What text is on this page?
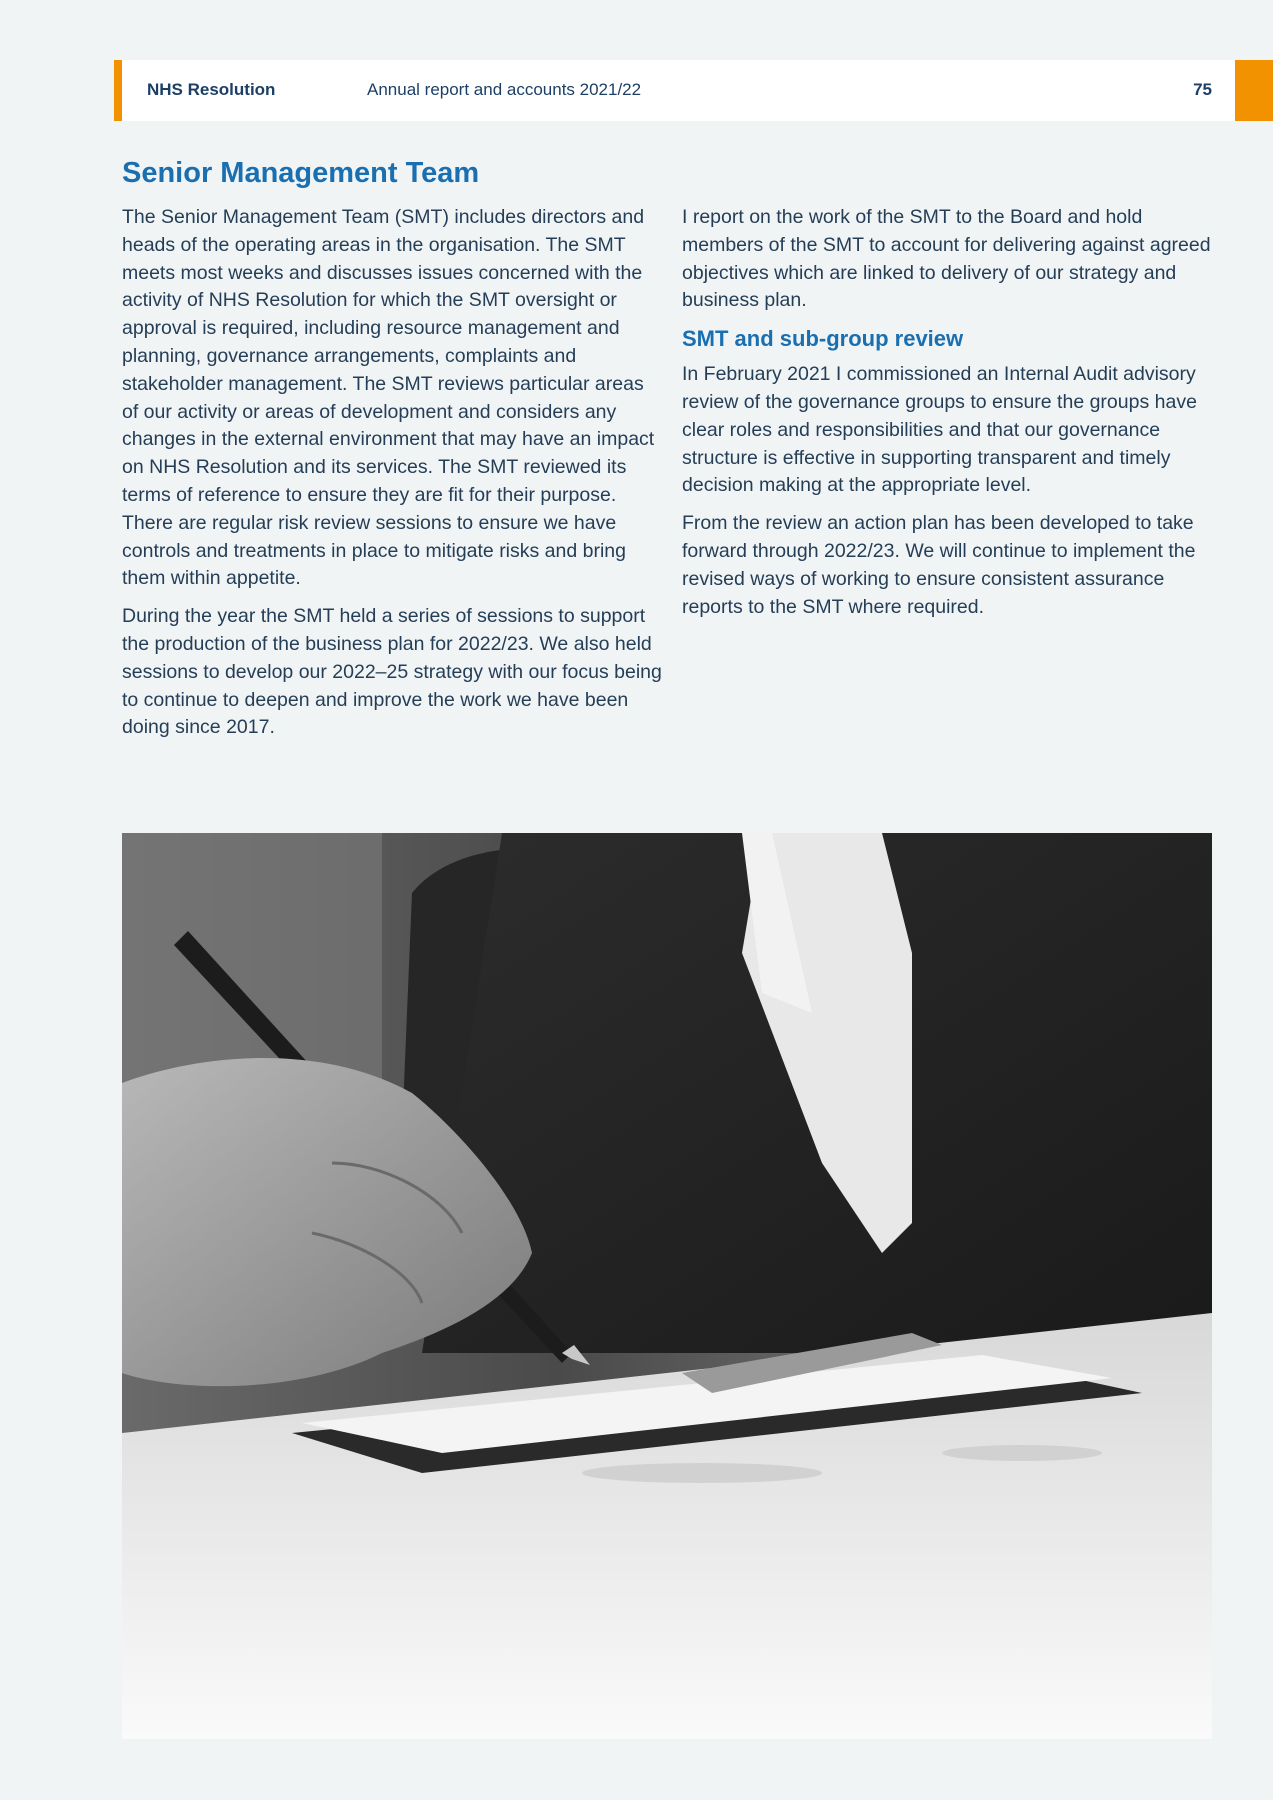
NHS Resolution	Annual report and accounts 2021/22	75
Senior Management Team

The Senior Management Team (SMT) includes directors and heads of the operating areas in the organisation. The SMT meets most weeks and discusses issues concerned with the activity of NHS Resolution for which the SMT oversight or approval is required, including resource management and planning, governance arrangements, complaints and stakeholder management. The SMT reviews particular areas of our activity or areas of development and considers any changes in the external environment that may have an impact on NHS Resolution and its services. The SMT reviewed its terms of reference to ensure they are fit for their purpose. There are regular risk review sessions to ensure we have controls and treatments in place to mitigate risks and bring them within appetite.

During the year the SMT held a series of sessions to support the production of the business plan for 2022/23. We also held sessions to develop our 2022–25 strategy with our focus being to continue to deepen and improve the work we have been doing since 2017.

I report on the work of the SMT to the Board and hold members of the SMT to account for delivering against agreed objectives which are linked to delivery of our strategy and business plan.

SMT and sub-group review

In February 2021 I commissioned an Internal Audit advisory review of the governance groups to ensure the groups have clear roles and responsibilities and that our governance structure is effective in supporting transparent and timely decision making at the appropriate level.

From the review an action plan has been developed to take forward through 2022/23. We will continue to implement the revised ways of working to ensure consistent assurance reports to the SMT where required.
